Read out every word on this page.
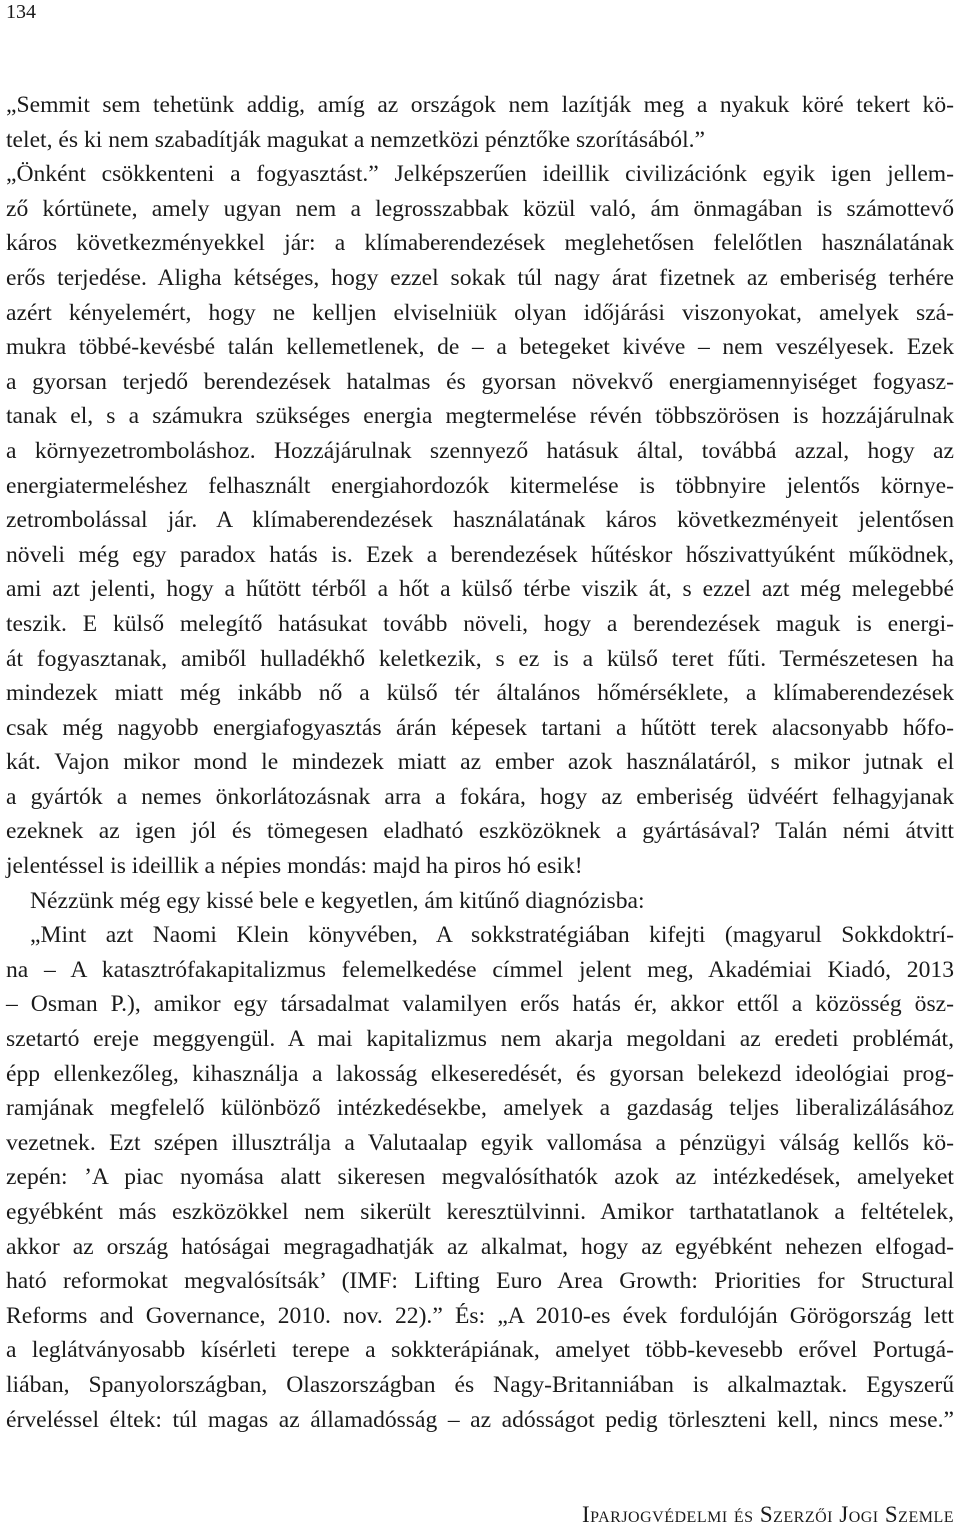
134
„Semmit sem tehetünk addig, amíg az országok nem lazítják meg a nyakuk köré tekert kö-
telet, és ki nem szabadítják magukat a nemzetközi pénztőke szorításából.”
„Önként csökkenteni a fogyasztást.” Jelképszerűen ideillik civilizációnk egyik igen jellem-
ző kórtünete, amely ugyan nem a legrosszabbak közül való, ám önmagában is számottevő
káros következményekkel jár: a klímaberendezések meglehetősen felelőtlen használatának
erős terjedése. Aligha kétséges, hogy ezzel sokak túl nagy árat fizetnek az emberiség terhére
azért kényelemért, hogy ne kelljen elviselniük olyan időjárási viszonyokat, amelyek szá-
mukra többé-kevésbé talán kellemetlenek, de – a betegeket kivéve – nem veszélyesek. Ezek
a gyorsan terjedő berendezések hatalmas és gyorsan növekvő energiamennyiséget fogyasz-
tanak el, s a számukra szükséges energia megtermelése révén többszörösen is hozzájárulnak
a környezetromboláshoz. Hozzájárulnak szennyező hatásuk által, továbbá azzal, hogy az
energiatermeléshez felhasznált energiahordozók kitermelése is többnyire jelentős környe-
zetrombolással jár. A klímaberendezések használatának káros következményeit jelentősen
növeli még egy paradox hatás is. Ezek a berendezések hűtéskor hőszivattyúként működnek,
ami azt jelenti, hogy a hűtött térből a hőt a külső térbe viszik át, s ezzel azt még melegebbé
teszik. E külső melegítő hatásukat tovább növeli, hogy a berendezések maguk is energi-
át fogyasztanak, amiből hulladékhő keletkezik, s ez is a külső teret fűti. Természetesen ha
mindezek miatt még inkább nő a külső tér általános hőmérséklete, a klímaberendezések
csak még nagyobb energiafogyasztás árán képesek tartani a hűtött terek alacsonyabb hőfo-
kát. Vajon mikor mond le mindezek miatt az ember azok használatáról, s mikor jutnak el
a gyártók a nemes önkorlátozásnak arra a fokára, hogy az emberiség üdvéért felhagyjanak
ezeknek az igen jól és tömegesen eladható eszközöknek a gyártásával? Talán némi átvitt
jelentéssel is ideillik a népies mondás: majd ha piros hó esik!
Nézzünk még egy kissé bele e kegyetlen, ám kitűnő diagnózisba:
„Mint azt Naomi Klein könyvében, A sokkstratégiában kifejti (magyarul Sokkdoktrí-
na – A katasztrófakapitalizmus felemelkedése címmel jelent meg, Akadémiai Kiadó, 2013
– Osman P.), amikor egy társadalmat valamilyen erős hatás ér, akkor ettől a közösség ösz-
szetartó ereje meggyengül. A mai kapitalizmus nem akarja megoldani az eredeti problémát,
épp ellenkezőleg, kihasználja a lakosság elkeseredését, és gyorsan belekezd ideológiai prog-
ramjának megfelelő különböző intézkedésekbe, amelyek a gazdaság teljes liberalizálásához
vezetnek. Ezt szépen illusztrálja a Valutaalap egyik vallomása a pénzügyi válság kellős kö-
zepén: ’A piac nyomása alatt sikeresen megvalósíthatók azok az intézkedések, amelyeket
egyébként más eszközökkel nem sikerült keresztülvinni. Amikor tarthatatlanok a feltételek,
akkor az ország hatóságai megragadhatják az alkalmat, hogy az egyébként nehezen elfogad-
ható reformokat megvalósítsák’ (IMF: Lifting Euro Area Growth: Priorities for Structural
Reforms and Governance, 2010. nov. 22).” És: „A 2010-es évek fordulóján Görögország lett
a leglátványosabb kísérleti terepe a sokkterápiának, amelyet több-kevesebb erővel Portugá-
liában, Spanyolországban, Olaszországban és Nagy-Britanniában is alkalmaztak. Egyszerű
érveléssel éltek: túl magas az államadósság – az adósságot pedig törleszteni kell, nincs mese.”
Iparjogvédelmi és Szerzői Jogi Szemle
